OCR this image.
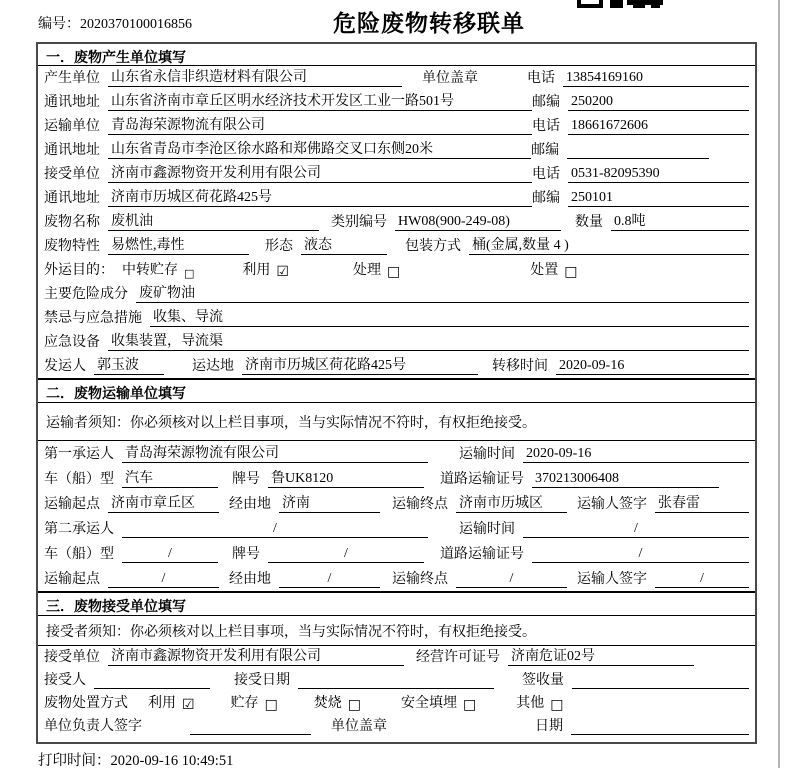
编号：2020370100016856	危险废物转移联单
一．废物产生单位填写
产生单位 山东省永信非织造材料有限公司	单位盖章	电话 13854169160
通讯地址 山东省济南市章丘区明水经济技术开发区工业一路501号	邮编 250200
运输单位 青岛海荣源物流有限公司	电话 18661672606
通讯地址 山东省青岛市李沧区徐水路和郑佛路交叉口东侧20米	邮编
接受单位 济南市鑫源物资开发利用有限公司	电话 0531-82095390
通讯地址 济南市历城区荷花路425号	邮编 250101
废物名称 废机油	类别编号 HW08(900-249-08)	数量 0.8吨
废物特性 易燃性,毒性	形态 液态	包装方式 桶(金属,数量 4 )
外运目的： 中转贮存 □	利用 ☑	处理 □	处置 □
主要危险成分 废矿物油
禁忌与应急措施 收集、导流
应急设备 收集装置，导流渠
发运人 郭玉波	运达地 济南市历城区荷花路425号	转移时间 2020-09-16
二．废物运输单位填写
运输者须知：你必须核对以上栏目事项，当与实际情况不符时，有权拒绝接受。
第一承运人 青岛海荣源物流有限公司	运输时间 2020-09-16
车（船）型 汽车	牌号 鲁UK8120	道路运输证号 370213006408
运输起点 济南市章丘区	经由地 济南	运输终点 济南市历城区	运输人签字 张春雷
第二承运人	/	运输时间	/
车（船）型	/	牌号	/	道路运输证号	/
运输起点	/	经由地	/	运输终点	/	运输人签字	/
三．废物接受单位填写
接受者须知：你必须核对以上栏目事项，当与实际情况不符时，有权拒绝接受。
接受单位 济南市鑫源物资开发利用有限公司	经营许可证号 济南危证02号
接受人	接受日期	签收量
废物处置方式 利用 ☑	贮存 □	焚烧 □	安全填埋 □	其他 □
单位负责人签字	单位盖章	日期
打印时间：2020-09-16 10:49:51
